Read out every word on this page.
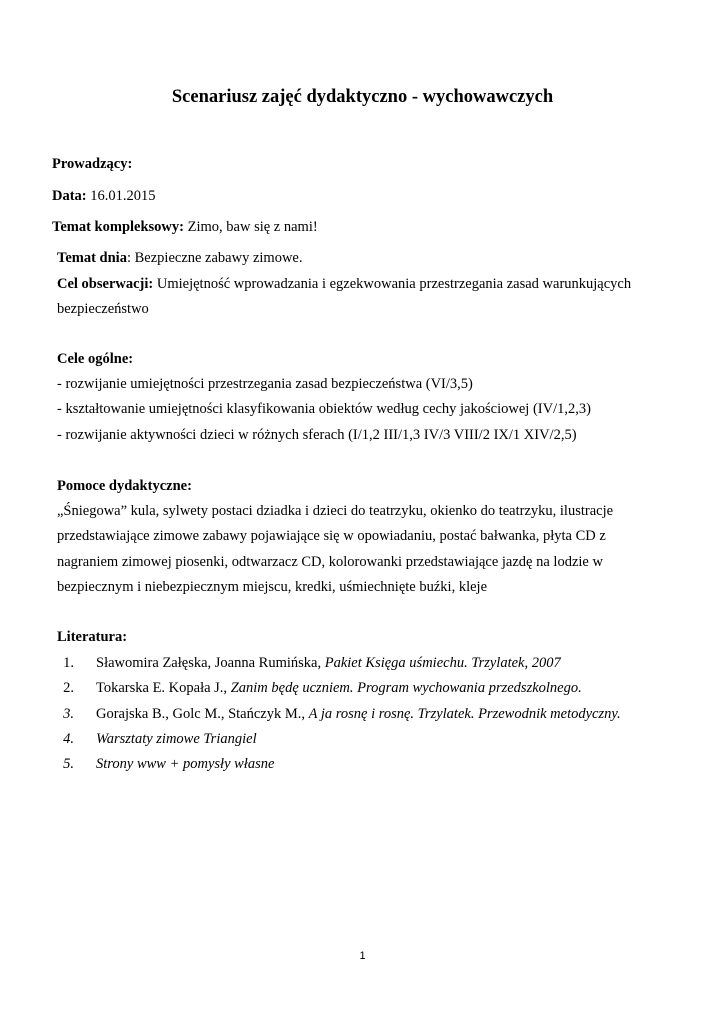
Scenariusz zajęć dydaktyczno - wychowawczych
Prowadzący:
Data: 16.01.2015
Temat kompleksowy: Zimo, baw się z nami!
Temat dnia: Bezpieczne zabawy zimowe.
Cel obserwacji: Umiejętność wprowadzania i egzekwowania przestrzegania zasad warunkujących
bezpieczeństwo
Cele ogólne:
- rozwijanie umiejętności przestrzegania zasad bezpieczeństwa (VI/3,5)
- kształtowanie umiejętności klasyfikowania obiektów według cechy jakościowej (IV/1,2,3)
- rozwijanie aktywności dzieci w różnych sferach (I/1,2 III/1,3 IV/3 VIII/2 IX/1 XIV/2,5)
Pomoce dydaktyczne:
„Śniegowa” kula, sylwety postaci dziadka i dzieci do teatrzyku, okienko do teatrzyku, ilustracje
przedstawiające zimowe zabawy pojawiające się w opowiadaniu, postać bałwanka, płyta CD z
nagraniem zimowej piosenki, odtwarzacz CD, kolorowanki przedstawiające jazdę na lodzie w
bezpiecznym i niebezpiecznym miejscu, kredki, uśmiechnięte buźki, kleje
Literatura:
1. Sławomira Załęska, Joanna Rumińska, Pakiet Księga uśmiechu. Trzylatek, 2007
2. Tokarska E. Kopała J., Zanim będę uczniem. Program wychowania przedszkolnego.
3. Gorajska B., Golc M., Stańczyk M., A ja rosnę i rosnę. Trzylatek. Przewodnik metodyczny.
4. Warsztaty zimowe Triangiel
5. Strony www + pomysły własne
1
